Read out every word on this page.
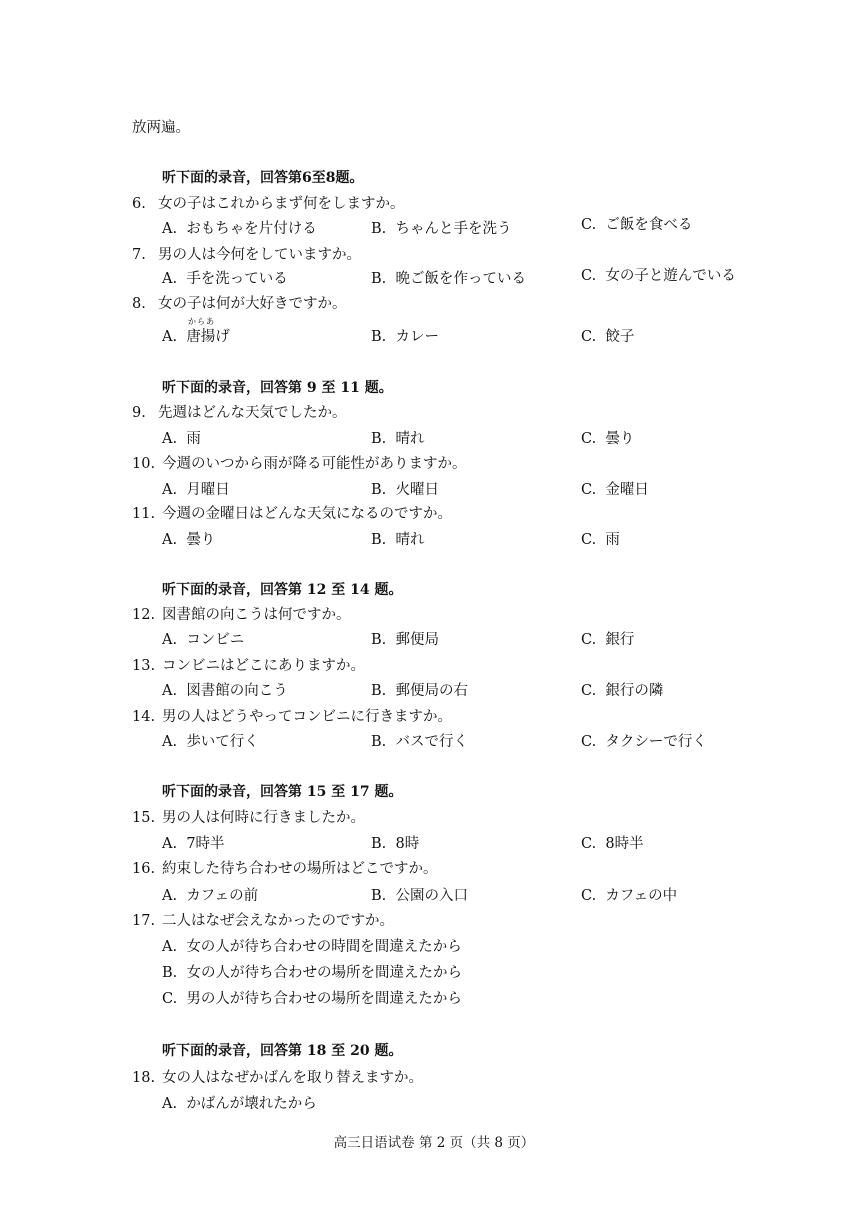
放两遍。
听下面的录音，回答第6至8题。
6. 女の子はこれからまず何をしますか。
A. おもちゃを片付ける	B. ちゃんと手を洗う	C. ご飯を食べる
7. 男の人は今何をしていますか。
A. 手を洗っている	B. 晩ご飯を作っている	C. 女の子と遊んでいる
8. 女の子は何が大好きですか。
からあ
A. 唐揚げ	B. カレー	C. 餃子
听下面的录音，回答第 9 至 11 题。
9. 先週はどんな天気でしたか。
A. 雨	B. 晴れ	C. 曇り
10. 今週のいつから雨が降る可能性がありますか。
A. 月曜日	B. 火曜日	C. 金曜日
11. 今週の金曜日はどんな天気になるのですか。
A. 曇り	B. 晴れ	C. 雨
听下面的录音，回答第 12 至 14 题。
12. 図書館の向こうは何ですか。
A. コンビニ	B. 郵便局	C. 銀行
13. コンビニはどこにありますか。
A. 図書館の向こう	B. 郵便局の右	C. 銀行の隣
14. 男の人はどうやってコンビニに行きますか。
A. 歩いて行く	B. バスで行く	C. タクシーで行く
听下面的录音，回答第 15 至 17 题。
15. 男の人は何時に行きましたか。
A. 7時半	B. 8時	C. 8時半
16. 約束した待ち合わせの場所はどこですか。
A. カフェの前	B. 公園の入口	C. カフェの中
17. 二人はなぜ会えなかったのですか。
A. 女の人が待ち合わせの時間を間違えたから
B. 女の人が待ち合わせの場所を間違えたから
C. 男の人が待ち合わせの場所を間違えたから
听下面的录音，回答第 18 至 20 题。
18. 女の人はなぜかばんを取り替えますか。
A. かばんが壊れたから
高三日语试卷 第 2 页（共 8 页）
